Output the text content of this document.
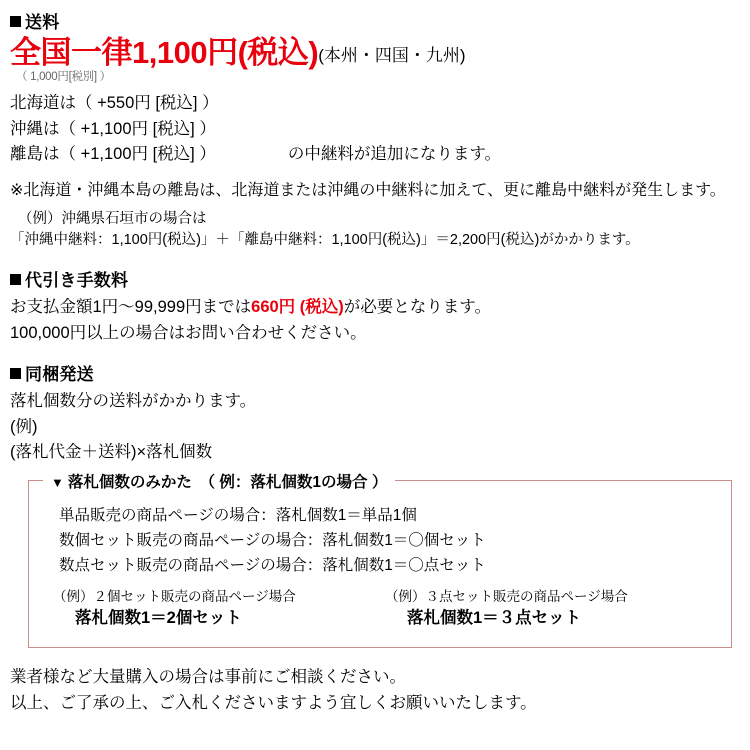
送料
全国一律1,100円(税込) (本州・四国・九州)
（ 1,000円[税別] ）
北海道は（ +550円 [税込] ）
沖縄は（ +1,100円 [税込] ）
離島は（ +1,100円 [税込] ）	の中継料が追加になります。
※北海道・沖縄本島の離島は、北海道または沖縄の中継料に加えて、更に離島中継料が発生します。
（例）沖縄県石垣市の場合は
「沖縄中継料：1,100円(税込)」＋「離島中継料：1,100円(税込)」＝2,200円(税込)がかかります。
代引き手数料
お支払金額1円～99,999円までは660円 (税込)が必要となります。
100,000円以上の場合はお問い合わせください。
同梱発送
落札個数分の送料がかかります。
(例)
(落札代金＋送料)×落札個数
▼ 落札個数のみかた　（ 例：落札個数1の場合 ）
単品販売の商品ページの場合：落札個数1＝単品1個
数個セット販売の商品ページの場合：落札個数1＝〇個セット
数点セット販売の商品ページの場合：落札個数1＝〇点セット
（例）２個セット販売の商品ページ場合
落札個数1＝2個セット
（例）３点セット販売の商品ページ場合
落札個数1＝３点セット
業者様など大量購入の場合は事前にご相談ください。
以上、ご了承の上、ご入札くださいますよう宜しくお願いいたします。
